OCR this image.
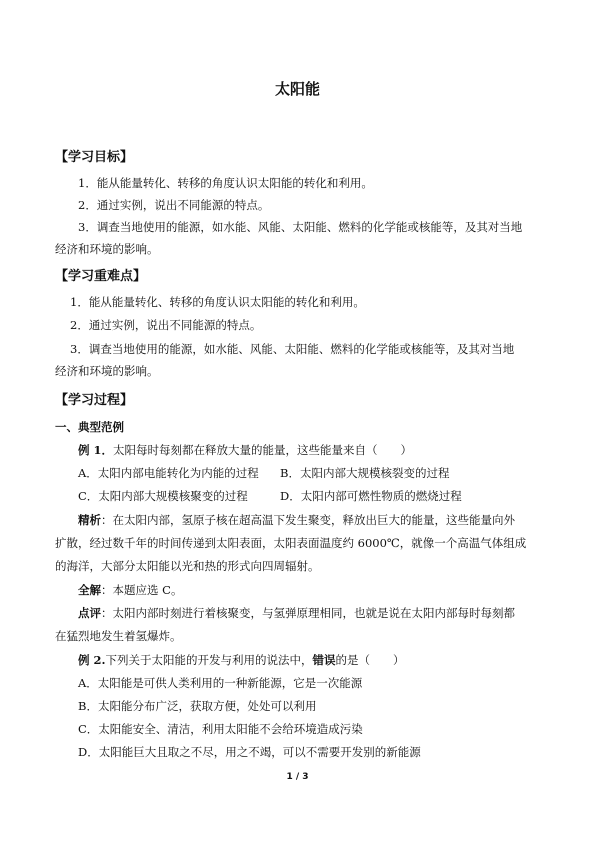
太阳能
【学习目标】
1．能从能量转化、转移的角度认识太阳能的转化和利用。
2．通过实例，说出不同能源的特点。
3．调查当地使用的能源，如水能、风能、太阳能、燃料的化学能或核能等，及其对当地
经济和环境的影响。
【学习重难点】
1．能从能量转化、转移的角度认识太阳能的转化和利用。
2．通过实例，说出不同能源的特点。
3．调查当地使用的能源，如水能、风能、太阳能、燃料的化学能或核能等，及其对当地
经济和环境的影响。
【学习过程】
一、典型范例
例 1．太阳每时每刻都在释放大量的能量，这些能量来自（　　）
A．太阳内部电能转化为内能的过程 B．太阳内部大规模核裂变的过程
C．太阳内部大规模核聚变的过程	D．太阳内部可燃性物质的燃烧过程
精析：在太阳内部，氢原子核在超高温下发生聚变，释放出巨大的能量，这些能量向外
扩散，经过数千年的时间传递到太阳表面，太阳表面温度约 6000℃，就像一个高温气体组成
的海洋，大部分太阳能以光和热的形式向四周辐射。
全解：本题应选 C。
点评：太阳内部时刻进行着核聚变，与氢弹原理相同，也就是说在太阳内部每时每刻都
在猛烈地发生着氢爆炸。
例 2.下列关于太阳能的开发与利用的说法中，错误的是（　　）
A．太阳能是可供人类利用的一种新能源，它是一次能源
B．太阳能分布广泛，获取方便，处处可以利用
C．太阳能安全、清洁，利用太阳能不会给环境造成污染
D．太阳能巨大且取之不尽，用之不竭，可以不需要开发别的新能源
1 / 3
